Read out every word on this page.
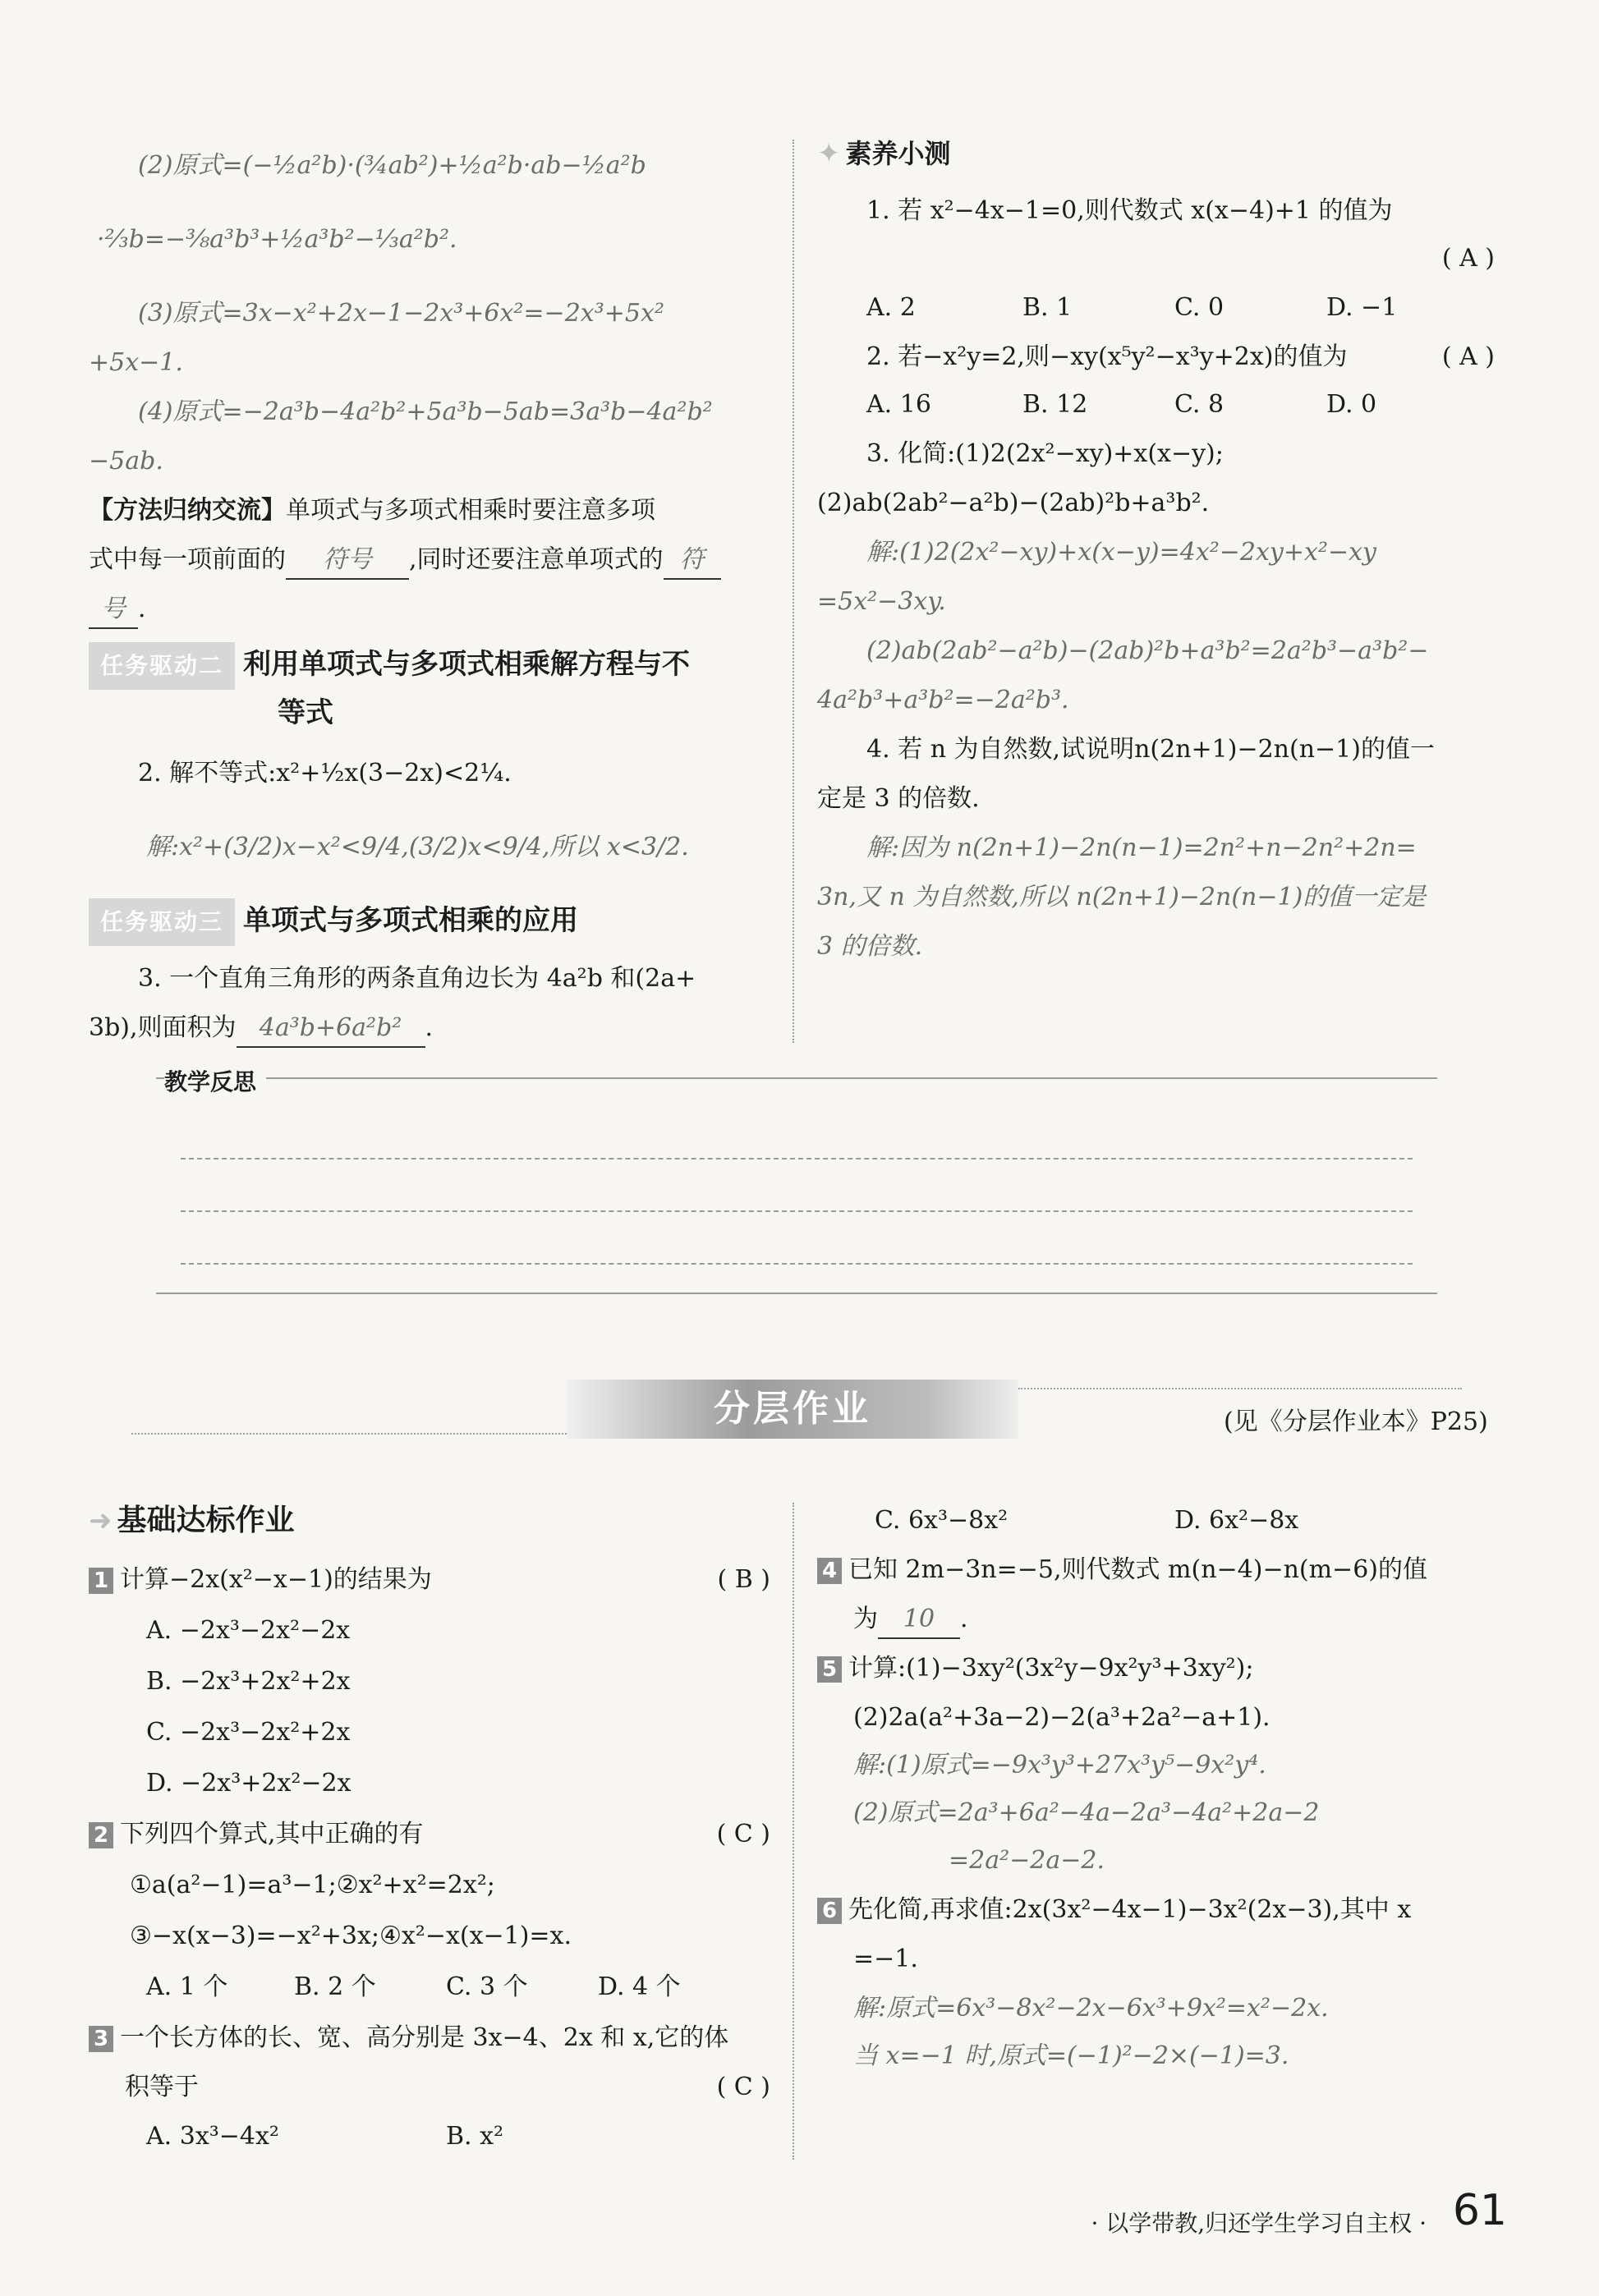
(2)原式=(−½a²b)·(¾ab²)+½a²b·ab−½a²b
·⅔b=−⅜a³b³+½a³b²−⅓a²b².
(3)原式=3x−x²+2x−1−2x³+6x²=−2x³+5x²
+5x−1.
(4)原式=−2a³b−4a²b²+5a³b−5ab=3a³b−4a²b²
−5ab.
【方法归纳交流】单项式与多项式相乘时要注意多项
式中每一项前面的 符号 ,同时还要注意单项式的 符
号 .
任务驱动二 利用单项式与多项式相乘解方程与不
等式
2. 解不等式:x²+½x(3−2x)<2¼.
解:x²+(3/2)x−x²<9/4,(3/2)x<9/4,所以 x<3/2.
任务驱动三 单项式与多项式相乘的应用
3. 一个直角三角形的两条直角边长为 4a²b 和(2a+
3b),则面积为 4a³b+6a²b² .
✦ 素养小测
1. 若 x²−4x−1=0,则代数式 x(x−4)+1 的值为
( A )
A. 2	B. 1	C. 0	D. −1
2. 若−x²y=2,则−xy(x⁵y²−x³y+2x)的值为	( A )
A. 16	B. 12	C. 8	D. 0
3. 化简:(1)2(2x²−xy)+x(x−y);
(2)ab(2ab²−a²b)−(2ab)²b+a³b².
解:(1)2(2x²−xy)+x(x−y)=4x²−2xy+x²−xy
=5x²−3xy.
(2)ab(2ab²−a²b)−(2ab)²b+a³b²=2a²b³−a³b²−
4a²b³+a³b²=−2a²b³.
4. 若 n 为自然数,试说明n(2n+1)−2n(n−1)的值一
定是 3 的倍数.
解:因为 n(2n+1)−2n(n−1)=2n²+n−2n²+2n=
3n,又 n 为自然数,所以 n(2n+1)−2n(n−1)的值一定是
3 的倍数.
教学反思
分层作业	(见《分层作业本》P25)
➜ 基础达标作业
1 计算−2x(x²−x−1)的结果为	( B )
A. −2x³−2x²−2x
B. −2x³+2x²+2x
C. −2x³−2x²+2x
D. −2x³+2x²−2x
2 下列四个算式,其中正确的有	( C )
①a(a²−1)=a³−1;②x²+x²=2x²;
③−x(x−3)=−x²+3x;④x²−x(x−1)=x.
A. 1 个	B. 2 个	C. 3 个	D. 4 个
3 一个长方体的长、宽、高分别是 3x−4、2x 和 x,它的体
积等于	( C )
A. 3x³−4x²	B. x²
C. 6x³−8x²	D. 6x²−8x
4 已知 2m−3n=−5,则代数式 m(n−4)−n(m−6)的值
为 10 .
5 计算:(1)−3xy²(3x²y−9x²y³+3xy²);
(2)2a(a²+3a−2)−2(a³+2a²−a+1).
解:(1)原式=−9x³y³+27x³y⁵−9x²y⁴.
(2)原式=2a³+6a²−4a−2a³−4a²+2a−2
=2a²−2a−2.
6 先化简,再求值:2x(3x²−4x−1)−3x²(2x−3),其中 x
=−1.
解:原式=6x³−8x²−2x−6x³+9x²=x²−2x.
当 x=−1 时,原式=(−1)²−2×(−1)=3.
· 以学带教,归还学生学习自主权 · 61
